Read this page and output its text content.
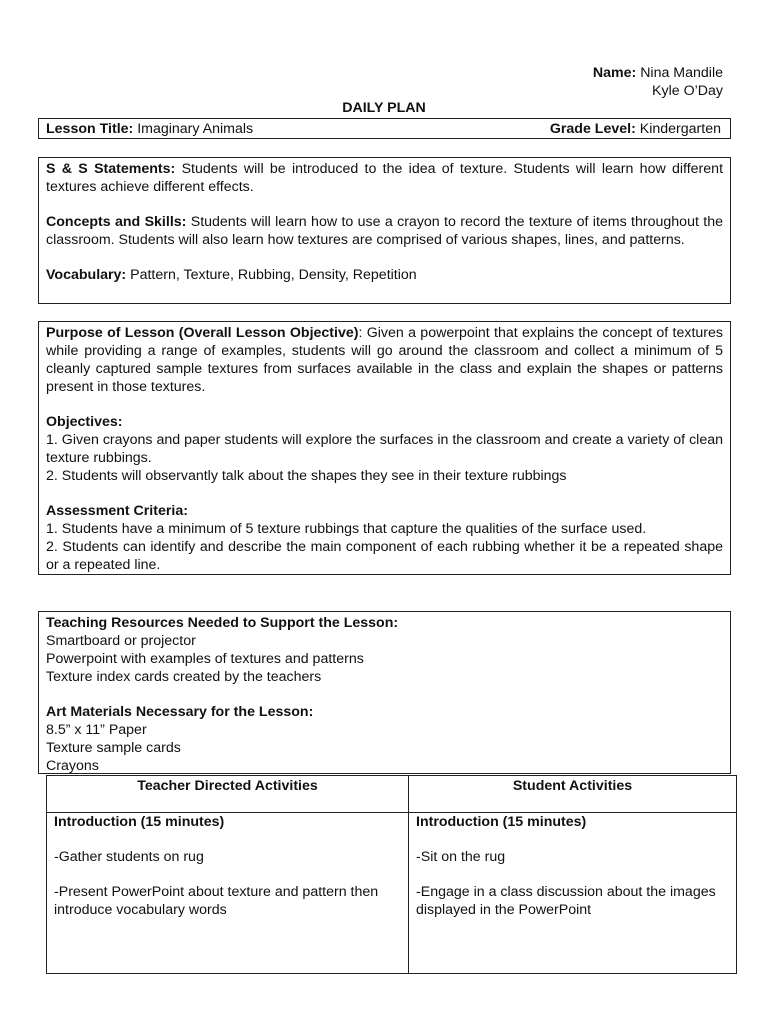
Name: Nina Mandile
Kyle O’Day
DAILY PLAN
Lesson Title: Imaginary Animals	Grade Level: Kindergarten

S & S Statements: Students will be introduced to the idea of texture. Students will learn how different textures achieve different effects.

Concepts and Skills: Students will learn how to use a crayon to record the texture of items throughout the classroom. Students will also learn how textures are comprised of various shapes, lines, and patterns.

Vocabulary: Pattern, Texture, Rubbing, Density, Repetition

Purpose of Lesson (Overall Lesson Objective): Given a powerpoint that explains the concept of textures while providing a range of examples, students will go around the classroom and collect a minimum of 5 cleanly captured sample textures from surfaces available in the class and explain the shapes or patterns present in those textures.

Objectives:

1. Given crayons and paper students will explore the surfaces in the classroom and create a variety of clean texture rubbings.

2. Students will observantly talk about the shapes they see in their texture rubbings

Assessment Criteria:

1. Students have a minimum of 5 texture rubbings that capture the qualities of the surface used.

2. Students can identify and describe the main component of each rubbing whether it be a repeated shape or a repeated line.

Teaching Resources Needed to Support the Lesson:

Smartboard or projector

Powerpoint with examples of textures and patterns

Texture index cards created by the teachers

Art Materials Necessary for the Lesson:

8.5” x 11” Paper

Texture sample cards

Crayons

Teacher Directed Activities
Introduction (15 minutes)
-Gather students on rug
-Present PowerPoint about texture and pattern then introduce vocabulary words
Student Activities
Introduction (15 minutes)
-Sit on the rug
-Engage in a class discussion about the images displayed in the PowerPoint
